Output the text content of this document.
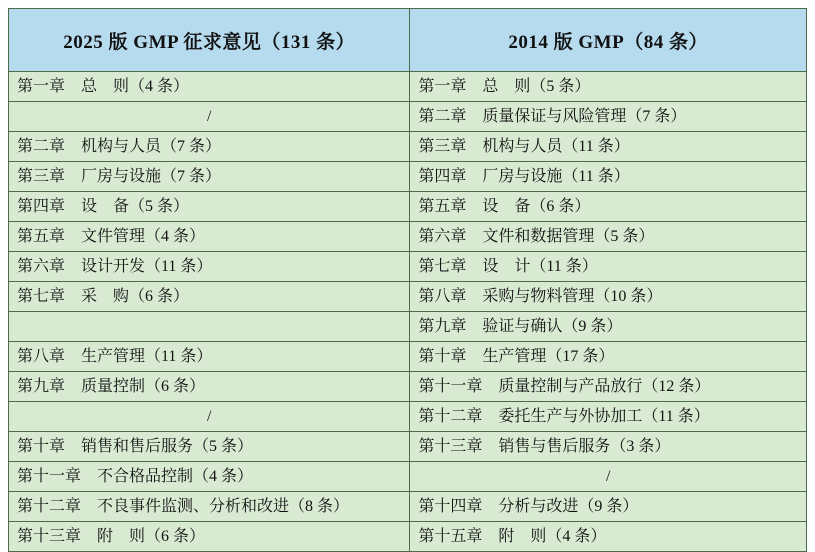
2025 版 GMP 征求意见（131 条）	2014 版 GMP（84 条）
第一章　总　则（4 条）	第一章　总　则（5 条）
/	第二章　质量保证与风险管理（7 条）
第二章　机构与人员（7 条）	第三章　机构与人员（11 条）
第三章　厂房与设施（7 条）	第四章　厂房与设施（11 条）
第四章　设　备（5 条）	第五章　设　备（6 条）
第五章　文件管理（4 条）	第六章　文件和数据管理（5 条）
第六章　设计开发（11 条）	第七章　设　计（11 条）
第七章　采　购（6 条）	第八章　采购与物料管理（10 条）
	第九章　验证与确认（9 条）
第八章　生产管理（11 条）	第十章　生产管理（17 条）
第九章　质量控制（6 条）	第十一章　质量控制与产品放行（12 条）
/	第十二章　委托生产与外协加工（11 条）
第十章　销售和售后服务（5 条）	第十三章　销售与售后服务（3 条）
第十一章　不合格品控制（4 条）	/
第十二章　不良事件监测、分析和改进（8 条）	第十四章　分析与改进（9 条）
第十三章　附　则（6 条）	第十五章　附　则（4 条）
